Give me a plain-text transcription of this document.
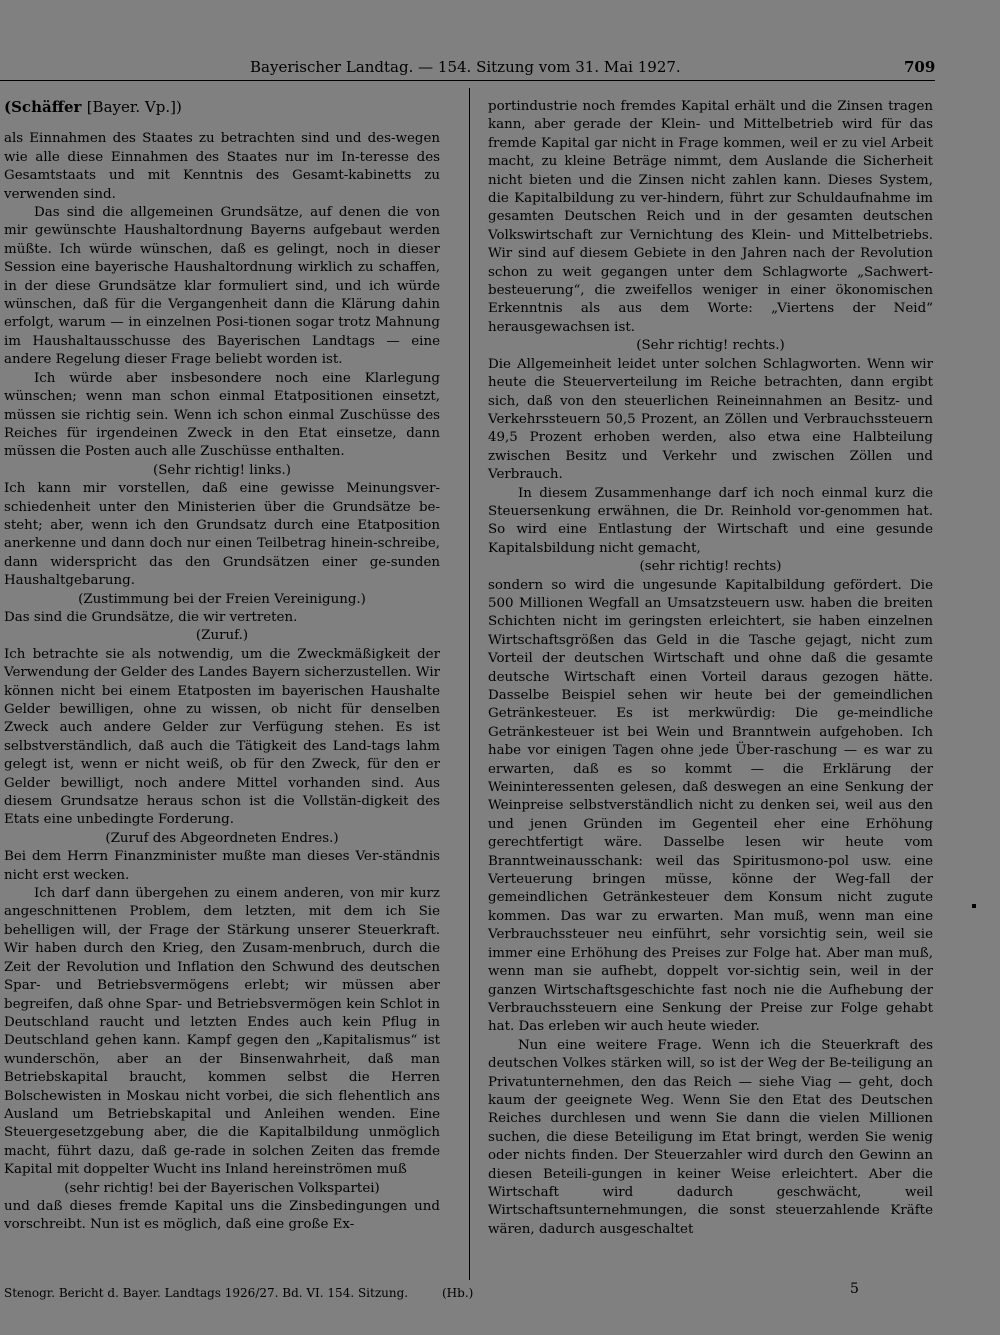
Bayerischer Landtag. — 154. Sitzung vom 31. Mai 1927.	709

(Schäffer [Bayer. Vp.])

als Einnahmen des Staates zu betrachten sind und des-wegen wie alle diese Einnahmen des Staates nur im In-teresse des Gesamtstaats und mit Kenntnis des Gesamt-kabinetts zu verwenden sind.

Das sind die allgemeinen Grundsätze, auf denen die von mir gewünschte Haushaltordnung Bayerns aufgebaut werden müßte. Ich würde wünschen, daß es gelingt, noch in dieser Session eine bayerische Haushaltordnung wirklich zu schaffen, in der diese Grundsätze klar formuliert sind, und ich würde wünschen, daß für die Vergangenheit dann die Klärung dahin erfolgt, warum — in einzelnen Posi-tionen sogar trotz Mahnung im Haushaltausschusse des Bayerischen Landtags — eine andere Regelung dieser Frage beliebt worden ist.

Ich würde aber insbesondere noch eine Klarlegung wünschen; wenn man schon einmal Etatpositionen einsetzt, müssen sie richtig sein. Wenn ich schon einmal Zuschüsse des Reiches für irgendeinen Zweck in den Etat einsetze, dann müssen die Posten auch alle Zuschüsse enthalten.

(Sehr richtig! links.)

Ich kann mir vorstellen, daß eine gewisse Meinungsver-schiedenheit unter den Ministerien über die Grundsätze be-steht; aber, wenn ich den Grundsatz durch eine Etatposition anerkenne und dann doch nur einen Teilbetrag hinein-schreibe, dann widerspricht das den Grundsätzen einer ge-sunden Haushaltgebarung.

(Zustimmung bei der Freien Vereinigung.)

Das sind die Grundsätze, die wir vertreten.

(Zuruf.)

Ich betrachte sie als notwendig, um die Zweckmäßigkeit der Verwendung der Gelder des Landes Bayern sicherzustellen. Wir können nicht bei einem Etatposten im bayerischen Haushalte Gelder bewilligen, ohne zu wissen, ob nicht für denselben Zweck auch andere Gelder zur Verfügung stehen. Es ist selbstverständlich, daß auch die Tätigkeit des Land-tags lahm gelegt ist, wenn er nicht weiß, ob für den Zweck, für den er Gelder bewilligt, noch andere Mittel vorhanden sind. Aus diesem Grundsatze heraus schon ist die Vollstän-digkeit des Etats eine unbedingte Forderung.

(Zuruf des Abgeordneten Endres.)

Bei dem Herrn Finanzminister mußte man dieses Ver-ständnis nicht erst wecken.

Ich darf dann übergehen zu einem anderen, von mir kurz angeschnittenen Problem, dem letzten, mit dem ich Sie behelligen will, der Frage der Stärkung unserer Steuerkraft. Wir haben durch den Krieg, den Zusam-menbruch, durch die Zeit der Revolution und Inflation den Schwund des deutschen Spar- und Betriebsvermögens erlebt; wir müssen aber begreifen, daß ohne Spar- und Betriebsvermögen kein Schlot in Deutschland raucht und letzten Endes auch kein Pflug in Deutschland gehen kann. Kampf gegen den „Kapitalismus“ ist wunderschön, aber an der Binsenwahrheit, daß man Betriebskapital braucht, kommen selbst die Herren Bolschewisten in Moskau nicht vorbei, die sich flehentlich ans Ausland um Betriebskapital und Anleihen wenden. Eine Steuergesetzgebung aber, die die Kapitalbildung unmöglich macht, führt dazu, daß ge-rade in solchen Zeiten das fremde Kapital mit doppelter Wucht ins Inland hereinströmen muß

(sehr richtig! bei der Bayerischen Volkspartei)

und daß dieses fremde Kapital uns die Zinsbedingungen und vorschreibt. Nun ist es möglich, daß eine große Ex-

portindustrie noch fremdes Kapital erhält und die Zinsen tragen kann, aber gerade der Klein- und Mittelbetrieb wird für das fremde Kapital gar nicht in Frage kommen, weil er zu viel Arbeit macht, zu kleine Beträge nimmt, dem Auslande die Sicherheit nicht bieten und die Zinsen nicht zahlen kann. Dieses System, die Kapitalbildung zu ver-hindern, führt zur Schuldaufnahme im gesamten Deutschen Reich und in der gesamten deutschen Volkswirtschaft zur Vernichtung des Klein- und Mittelbetriebs. Wir sind auf diesem Gebiete in den Jahren nach der Revolution schon zu weit gegangen unter dem Schlagworte „Sachwert-besteuerung“, die zweifellos weniger in einer ökonomischen Erkenntnis als aus dem Worte: „Viertens der Neid“ herausgewachsen ist.

(Sehr richtig! rechts.)

Die Allgemeinheit leidet unter solchen Schlagworten. Wenn wir heute die Steuerverteilung im Reiche betrachten, dann ergibt sich, daß von den steuerlichen Reineinnahmen an Besitz- und Verkehrssteuern 50,5 Prozent, an Zöllen und Verbrauchssteuern 49,5 Prozent erhoben werden, also etwa eine Halbteilung zwischen Besitz und Verkehr und zwischen Zöllen und Verbrauch.

In diesem Zusammenhange darf ich noch einmal kurz die Steuersenkung erwähnen, die Dr. Reinhold vor-genommen hat. So wird eine Entlastung der Wirtschaft und eine gesunde Kapitalsbildung nicht gemacht,

(sehr richtig! rechts)

sondern so wird die ungesunde Kapitalbildung gefördert. Die 500 Millionen Wegfall an Umsatzsteuern usw. haben die breiten Schichten nicht im geringsten erleichtert, sie haben einzelnen Wirtschaftsgrößen das Geld in die Tasche gejagt, nicht zum Vorteil der deutschen Wirtschaft und ohne daß die gesamte deutsche Wirtschaft einen Vorteil daraus gezogen hätte. Dasselbe Beispiel sehen wir heute bei der gemeindlichen Getränkesteuer. Es ist merkwürdig: Die ge-meindliche Getränkesteuer ist bei Wein und Branntwein aufgehoben. Ich habe vor einigen Tagen ohne jede Über-raschung — es war zu erwarten, daß es so kommt — die Erklärung der Weininteressenten gelesen, daß deswegen an eine Senkung der Weinpreise selbstverständlich nicht zu denken sei, weil aus den und jenen Gründen im Gegenteil eher eine Erhöhung gerechtfertigt wäre. Dasselbe lesen wir heute vom Branntweinausschank: weil das Spiritusmono-pol usw. eine Verteuerung bringen müsse, könne der Weg-fall der gemeindlichen Getränkesteuer dem Konsum nicht zugute kommen. Das war zu erwarten. Man muß, wenn man eine Verbrauchssteuer neu einführt, sehr vorsichtig sein, weil sie immer eine Erhöhung des Preises zur Folge hat. Aber man muß, wenn man sie aufhebt, doppelt vor-sichtig sein, weil in der ganzen Wirtschaftsgeschichte fast noch nie die Aufhebung der Verbrauchssteuern eine Senkung der Preise zur Folge gehabt hat. Das erleben wir auch heute wieder.

Nun eine weitere Frage. Wenn ich die Steuerkraft des deutschen Volkes stärken will, so ist der Weg der Be-teiligung an Privatunternehmen, den das Reich — siehe Viag — geht, doch kaum der geeignete Weg. Wenn Sie den Etat des Deutschen Reiches durchlesen und wenn Sie dann die vielen Millionen suchen, die diese Beteiligung im Etat bringt, werden Sie wenig oder nichts finden. Der Steuerzahler wird durch den Gewinn an diesen Beteili-gungen in keiner Weise erleichtert. Aber die Wirtschaft wird dadurch geschwächt, weil Wirtschaftsunternehmungen, die sonst steuerzahlende Kräfte wären, dadurch ausgeschaltet

Stenogr. Bericht d. Bayer. Landtags 1926/27. Bd. VI. 154. Sitzung.	(Hb.)	5
